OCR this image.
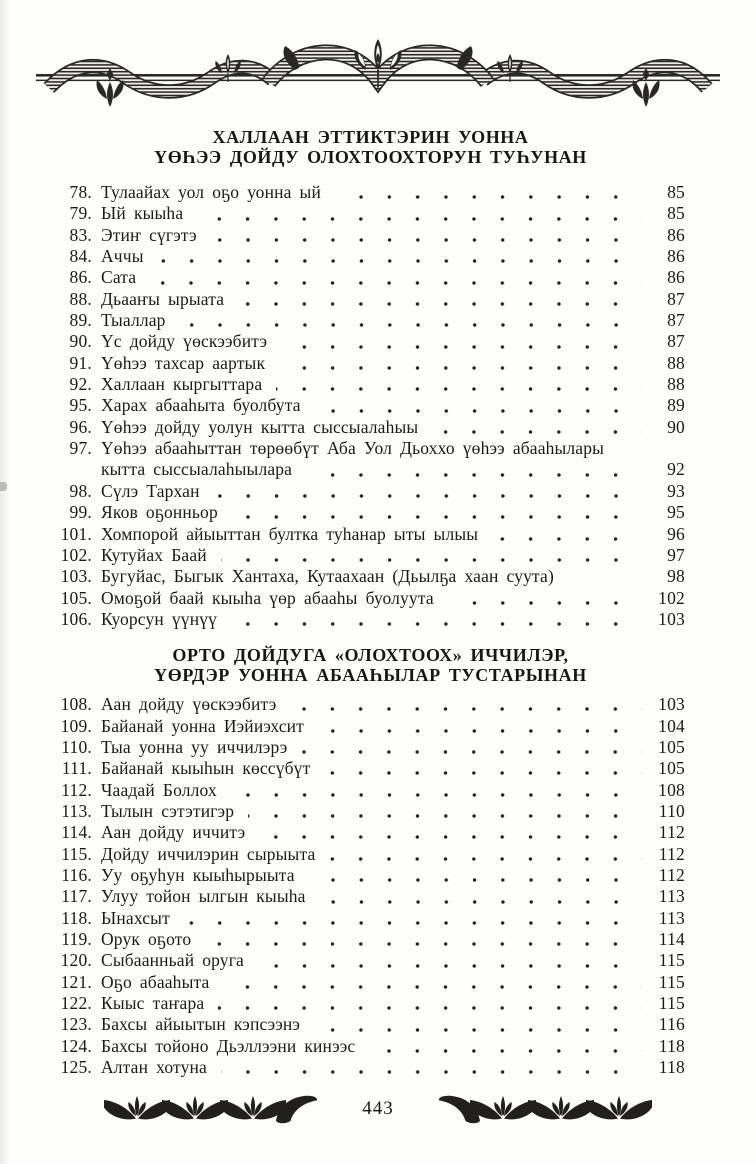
ХАЛЛААН ЭТТИКТЭРИН УОННА
ҮӨҺЭЭ ДОЙДУ ОЛОХТООХТОРУН ТУҺУНАН
78. Тулаайах уол оҕо уонна ый	85
79. Ый кыыһа	85
83. Этиҥ сүгэтэ	86
84. Аччы	86
86. Сата	86
88. Дьааҥы ырыата	87
89. Тыаллар	87
90. Үс дойду үөскээбитэ	87
91. Үөһээ тахсар аартык	88
92. Халлаан кыргыттара	88
95. Харах абааһыта буолбута	89
96. Үөһээ дойду уолун кытта сыссыалаһыы	90
97. Үөһээ абааһыттан төрөөбүт Аба Уол Дьоххо үөһээ абааһылары
кытта сыссыалаһыылара	92
98. Сүлэ Тархан	93
99. Яков оҕонньор	95
101. Хомпорой айыыттан бултка туһанар ыты ылыы	96
102. Кутуйах Баай	97
103. Бугуйас, Быгык Хантаха, Кутаахаан (Дьылҕа хаан суута)	98
105. Омоҕой баай кыыһа үөр абааһы буолуута	102
106. Куорсун үүнүү	103
ОРТО ДОЙДУГА «ОЛОХТООХ» ИЧЧИЛЭР,
ҮӨРДЭР УОННА АБААҺЫЛАР ТУСТАРЫНАН
108. Аан дойду үөскээбитэ	103
109. Байанай уонна Иэйиэхсит	104
110. Тыа уонна уу иччилэрэ	105
111. Байанай кыыһын көссүбүт	105
112. Чаадай Боллох	108
113. Тылын сэтэтигэр	110
114. Аан дойду иччитэ	112
115. Дойду иччилэрин сырыыта	112
116. Уу оҕуһун кыыһырыыта	112
117. Улуу тойон ылгын кыыһа	113
118. Ынахсыт	113
119. Орук оҕото	114
120. Сыбаанньай оруга	115
121. Оҕо абааһыта	115
122. Кыыс таҥара	115
123. Бахсы айыытын кэпсээнэ	116
124. Бахсы тойоно Дьэллээни кинээс	118
125. Алтан хотуна	118
443
